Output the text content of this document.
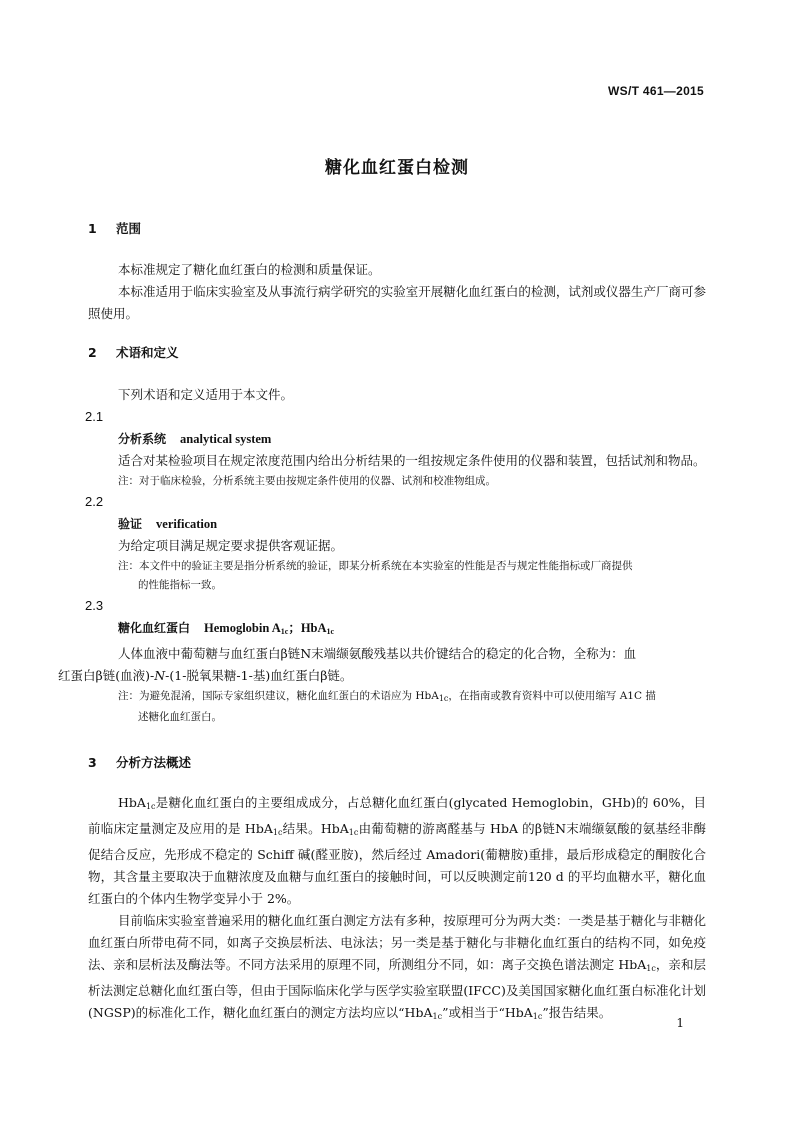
WS/T 461—2015
糖化血红蛋白检测
1 范围

本标准规定了糖化血红蛋白的检测和质量保证。

本标准适用于临床实验室及从事流行病学研究的实验室开展糖化血红蛋白的检测，试剂或仪器生产厂商可参照使用。

2 术语和定义

下列术语和定义适用于本文件。

2.1
分析系统 analytical system

适合对某检验项目在规定浓度范围内给出分析结果的一组按规定条件使用的仪器和装置，包括试剂和物品。

注：对于临床检验，分析系统主要由按规定条件使用的仪器、试剂和校准物组成。
2.2
验证 verification

为给定项目满足规定要求提供客观证据。

注：本文件中的验证主要是指分析系统的验证，即某分析系统在本实验室的性能是否与规定性能指标或厂商提供
的性能指标一致。
2.3
糖化血红蛋白 Hemoglobin $A_{1c}$；HbA$_{1c}$

人体血液中葡萄糖与血红蛋白β链N末端缬氨酸残基以共价键结合的稳定的化合物，全称为：血
红蛋白β链(血液)-N-(1-脱氧果糖-1-基)血红蛋白β链。

注：为避免混淆，国际专家组织建议，糖化血红蛋白的术语应为 HbA$_{1c}$，在指南或教育资料中可以使用缩写 A1C 描
述糖化血红蛋白。
3 分析方法概述

HbA$_{1c}$是糖化血红蛋白的主要组成成分，占总糖化血红蛋白(glycated Hemoglobin，GHb)的 60%，目前临床定量测定及应用的是 HbA$_{1c}$结果。HbA$_{1c}$由葡萄糖的游离醛基与 HbA 的β链N末端缬氨酸的氨基经非酶促结合反应，先形成不稳定的 Schiff 碱(醛亚胺)，然后经过 Amadori(葡糖胺)重排，最后形成稳定的酮胺化合物，其含量主要取决于血糖浓度及血糖与血红蛋白的接触时间，可以反映测定前120 d 的平均血糖水平，糖化血红蛋白的个体内生物学变异小于 2%。

目前临床实验室普遍采用的糖化血红蛋白测定方法有多种，按原理可分为两大类：一类是基于糖化与非糖化血红蛋白所带电荷不同，如离子交换层析法、电泳法；另一类是基于糖化与非糖化血红蛋白的结构不同，如免疫法、亲和层析法及酶法等。不同方法采用的原理不同，所测组分不同，如：离子交换色谱法测定 HbA$_{1c}$，亲和层析法测定总糖化血红蛋白等，但由于国际临床化学与医学实验室联盟(IFCC)及美国国家糖化血红蛋白标准化计划(NGSP)的标准化工作，糖化血红蛋白的测定方法均应以“HbA$_{1c}$”或相当于“HbA$_{1c}$”报告结果。

1
